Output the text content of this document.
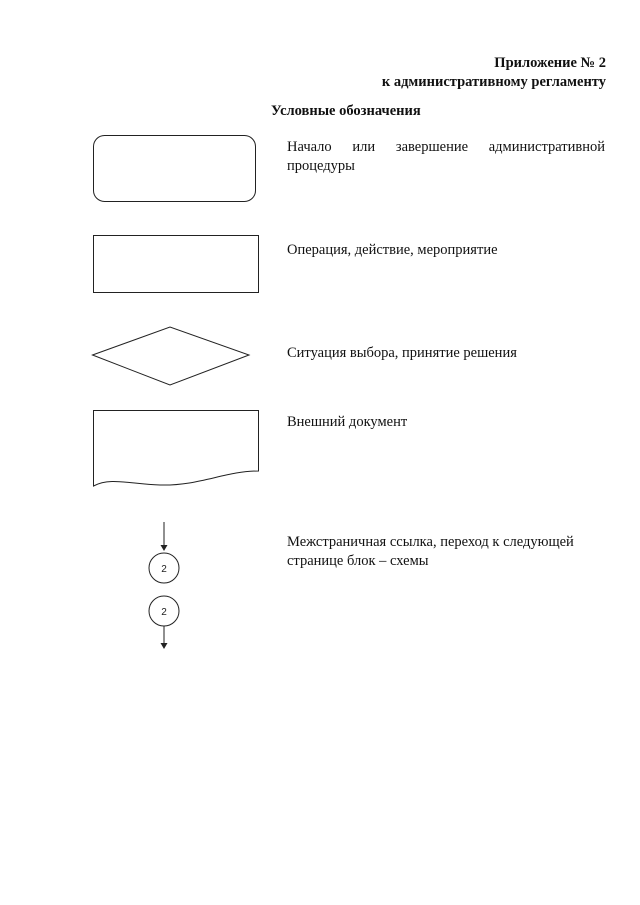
Приложение № 2
к административному регламенту
Условные обозначения
Начало или завершение административной процедуры
Операция, действие, мероприятие
Ситуация выбора, принятие решения
Внешний документ
2
2
Межстраничная ссылка, переход к следующей странице блок – схемы
